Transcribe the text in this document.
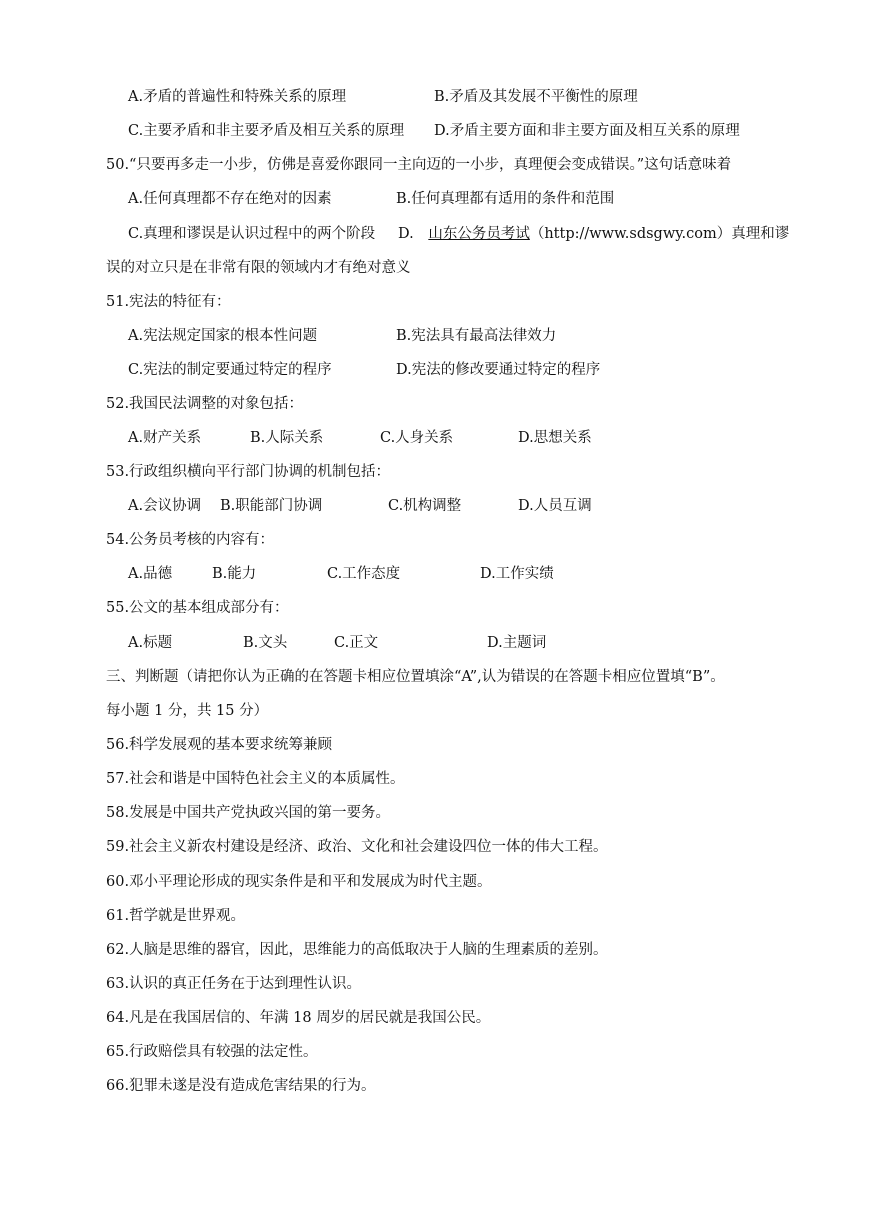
A.矛盾的普遍性和特殊关系的原理	B.矛盾及其发展不平衡性的原理
C.主要矛盾和非主要矛盾及相互关系的原理 D.矛盾主要方面和非主要方面及相互关系的原理
50.“只要再多走一小步，仿佛是喜爱你跟同一主向迈的一小步，真理便会变成错误。”这句话意味着
A.任何真理都不存在绝对的因素	B.任何真理都有适用的条件和范围
C.真理和谬误是认识过程中的两个阶段 D. 山东公务员考试（http://www.sdsgwy.com）真理和谬
误的对立只是在非常有限的领域内才有绝对意义
51.宪法的特征有：
A.宪法规定国家的根本性问题	B.宪法具有最高法律效力
C.宪法的制定要通过特定的程序	D.宪法的修改要通过特定的程序
52.我国民法调整的对象包括：
A.财产关系	B.人际关系	C.人身关系	D.思想关系
53.行政组织横向平行部门协调的机制包括：
A.会议协调 B.职能部门协调	C.机构调整	D.人员互调
54.公务员考核的内容有：
A.品德	B.能力	C.工作态度	D.工作实绩
55.公文的基本组成部分有：
A.标题	B.文头	C.正文	D.主题词
三、判断题（请把你认为正确的在答题卡相应位置填涂“A”,认为错误的在答题卡相应位置填“B”。
每小题 1 分，共 15 分）
56.科学发展观的基本要求统筹兼顾
57.社会和谐是中国特色社会主义的本质属性。
58.发展是中国共产党执政兴国的第一要务。
59.社会主义新农村建设是经济、政治、文化和社会建设四位一体的伟大工程。
60.邓小平理论形成的现实条件是和平和发展成为时代主题。
61.哲学就是世界观。
62.人脑是思维的器官，因此，思维能力的高低取决于人脑的生理素质的差别。
63.认识的真正任务在于达到理性认识。
64.凡是在我国居信的、年满 18 周岁的居民就是我国公民。
65.行政赔偿具有较强的法定性。
66.犯罪未遂是没有造成危害结果的行为。
